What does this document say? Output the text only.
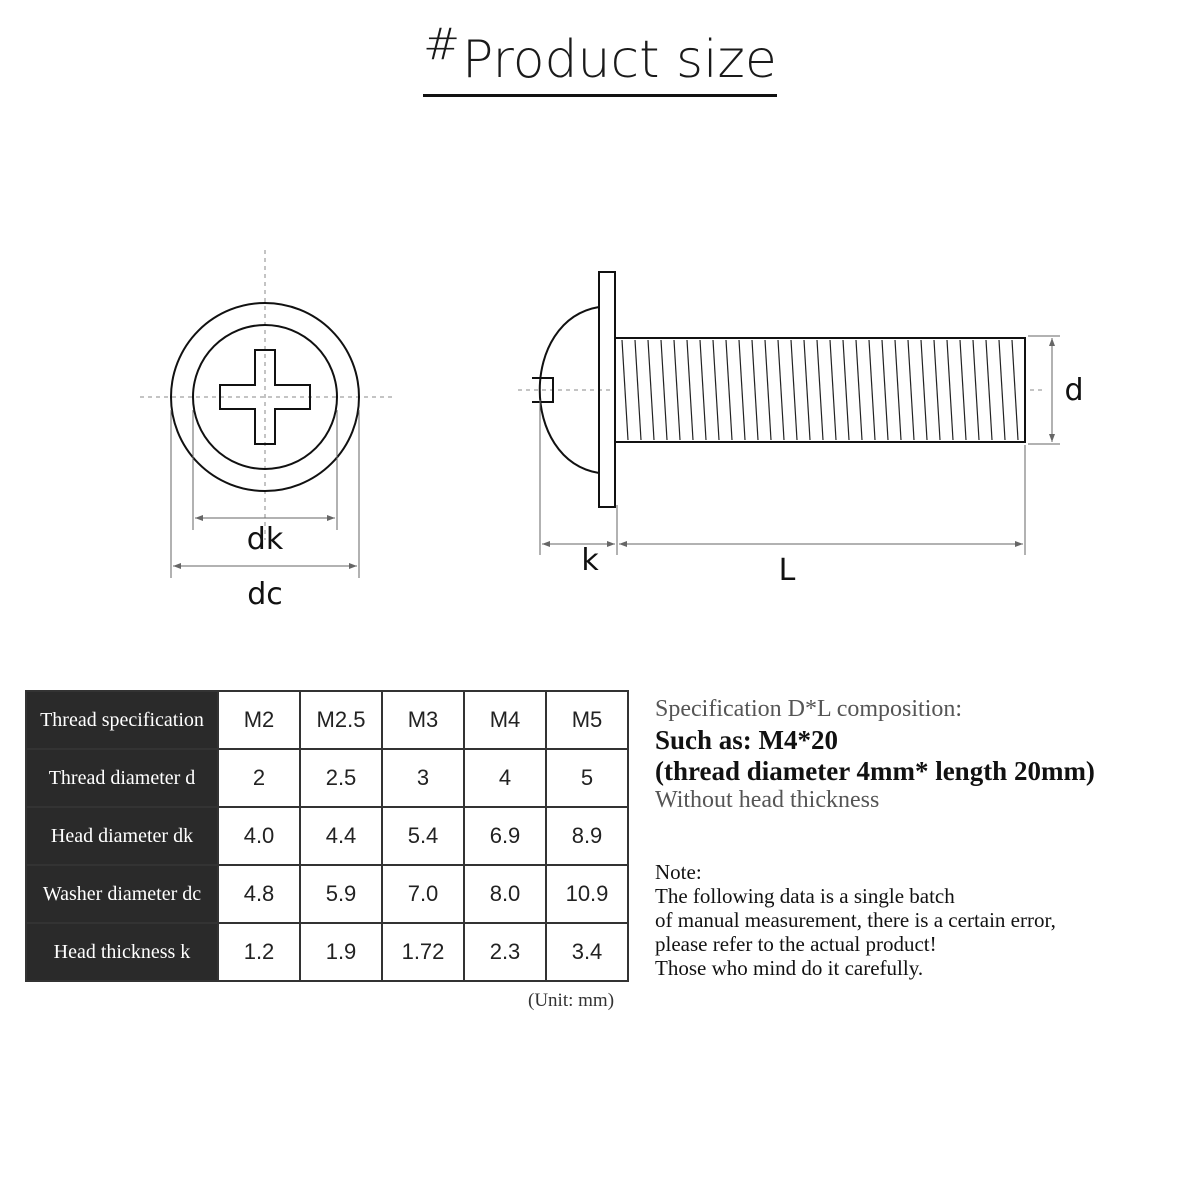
#Product size
dk
dc
k	L
d
Thread specification	M2	M2.5	M3	M4	M5
Thread diameter d	2	2.5	3	4	5
Head diameter dk	4.0	4.4	5.4	6.9	8.9
Washer diameter dc	4.8	5.9	7.0	8.0	10.9
Head thickness k	1.2	1.9	1.72	2.3	3.4
(Unit: mm)
Specification D*L composition:
Such as: M4*20
(thread diameter 4mm* length 20mm)
Without head thickness
Note:
The following data is a single batch
of manual measurement, there is a certain error,
please refer to the actual product!
Those who mind do it carefully.
